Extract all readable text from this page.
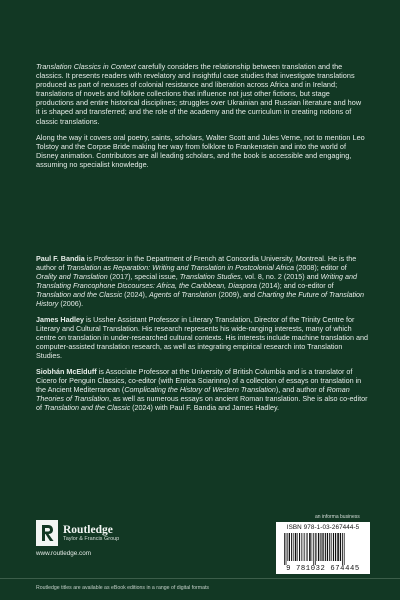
Translation Classics in Context carefully considers the relationship between translation and the classics. It presents readers with revelatory and insightful case studies that investigate translations produced as part of nexuses of colonial resistance and liberation across Africa and in Ireland; translations of novels and folklore collections that influence not just other fictions, but stage productions and entire historical disciplines; struggles over Ukrainian and Russian literature and how it is shaped and transferred; and the role of the academy and the curriculum in creating notions of classic translations.

Along the way it covers oral poetry, saints, scholars, Walter Scott and Jules Verne, not to mention Leo Tolstoy and the Corpse Bride making her way from folklore to Frankenstein and into the world of Disney animation. Contributors are all leading scholars, and the book is accessible and engaging, assuming no specialist knowledge.

Paul F. Bandia is Professor in the Department of French at Concordia University, Montreal. He is the author of Translation as Reparation: Writing and Translation in Postcolonial Africa (2008); editor of Orality and Translation (2017), special issue, Translation Studies, vol. 8, no. 2 (2015) and Writing and Translating Francophone Discourses: Africa, the Caribbean, Diaspora (2014); and co-editor of Translation and the Classic (2024), Agents of Translation (2009), and Charting the Future of Translation History (2006).

James Hadley is Ussher Assistant Professor in Literary Translation, Director of the Trinity Centre for Literary and Cultural Translation. His research represents his wide-ranging interests, many of which centre on translation in under-researched cultural contexts. His interests include machine translation and computer-assisted translation research, as well as integrating empirical research into Translation Studies.

Siobhán McElduff is Associate Professor at the University of British Columbia and is a translator of Cicero for Penguin Classics, co-editor (with Enrica Sciarinno) of a collection of essays on translation in the Ancient Mediterranean (Complicating the History of Western Translation), and author of Roman Theories of Translation, as well as numerous essays on ancient Roman translation. She is also co-editor of Translation and the Classic (2024) with Paul F. Bandia and James Hadley.

Routledge
Taylor & Francis Group
www.routledge.com
an informa business
ISBN 978-1-03-267444-5
9 781032 674445
Routledge titles are available as eBook editions in a range of digital formats
